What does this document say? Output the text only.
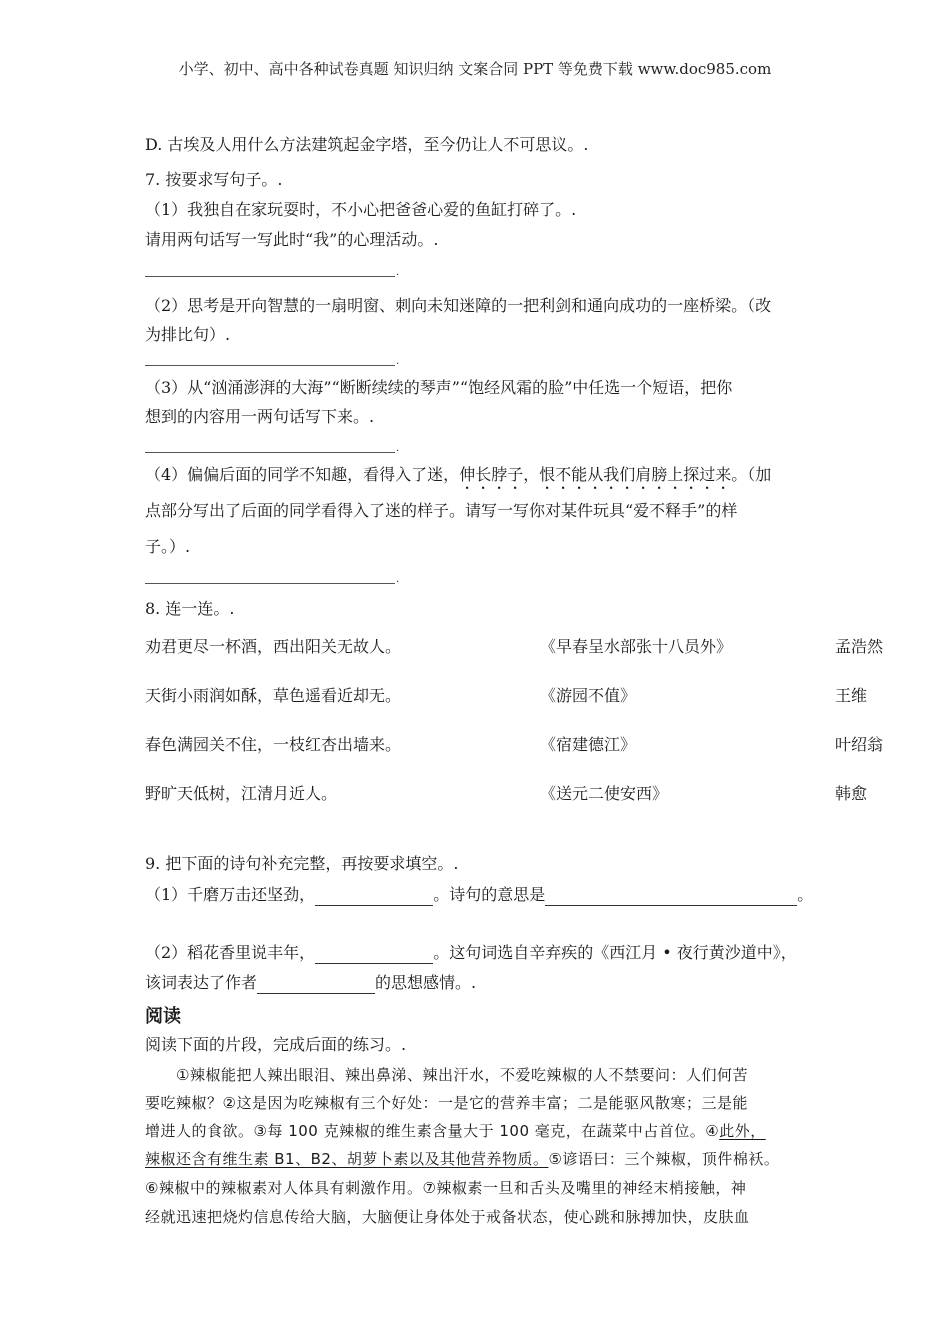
小学、初中、高中各种试卷真题 知识归纳 文案合同 PPT 等免费下载 www.doc985.com
D. 古埃及人用什么方法建筑起金字塔，至今仍让人不可思议。.
7. 按要求写句子。.
（1）我独自在家玩耍时，不小心把爸爸心爱的鱼缸打碎了。.
请用两句话写一写此时“我”的心理活动。.
.
（2）思考是开向智慧的一扇明窗、刺向未知迷障的一把利剑和通向成功的一座桥梁。（改
为排比句）.
.
（3）从“汹涌澎湃的大海”“断断续续的琴声”“饱经风霜的脸”中任选一个短语，把你
想到的内容用一两句话写下来。.
.
（4）偏偏后面的同学不知趣，看得入了迷，伸长脖子，恨不能从我们肩膀上探过来。（加
点部分写出了后面的同学看得入了迷的样子。请写一写你对某件玩具“爱不释手”的样
子。）.
.
8. 连一连。.
劝君更尽一杯酒，西出阳关无故人。	《早春呈水部张十八员外》	孟浩然
天街小雨润如酥，草色遥看近却无。	《游园不值》	王维
春色满园关不住，一枝红杏出墙来。	《宿建德江》	叶绍翁
野旷天低树，江清月近人。	《送元二使安西》	韩愈
9. 把下面的诗句补充完整，再按要求填空。.
（1）千磨万击还坚劲，	。诗句的意思是	。
（2）稻花香里说丰年，	。这句词选自辛弃疾的《西江月 • 夜行黄沙道中》，
该词表达了作者	的思想感情。.
阅读
阅读下面的片段，完成后面的练习。.
①辣椒能把人辣出眼泪、辣出鼻涕、辣出汗水，不爱吃辣椒的人不禁要问：人们何苦
要吃辣椒？②这是因为吃辣椒有三个好处：一是它的营养丰富；二是能驱风散寒；三是能
增进人的食欲。③每 100 克辣椒的维生素含量大于 100 毫克，在蔬菜中占首位。④此外，
辣椒还含有维生素 B1、B2、胡萝卜素以及其他营养物质。⑤谚语曰：三个辣椒，顶件棉袄。
⑥辣椒中的辣椒素对人体具有刺激作用。⑦辣椒素一旦和舌头及嘴里的神经末梢接触，神
经就迅速把烧灼信息传给大脑，大脑便让身体处于戒备状态，使心跳和脉搏加快，皮肤血
